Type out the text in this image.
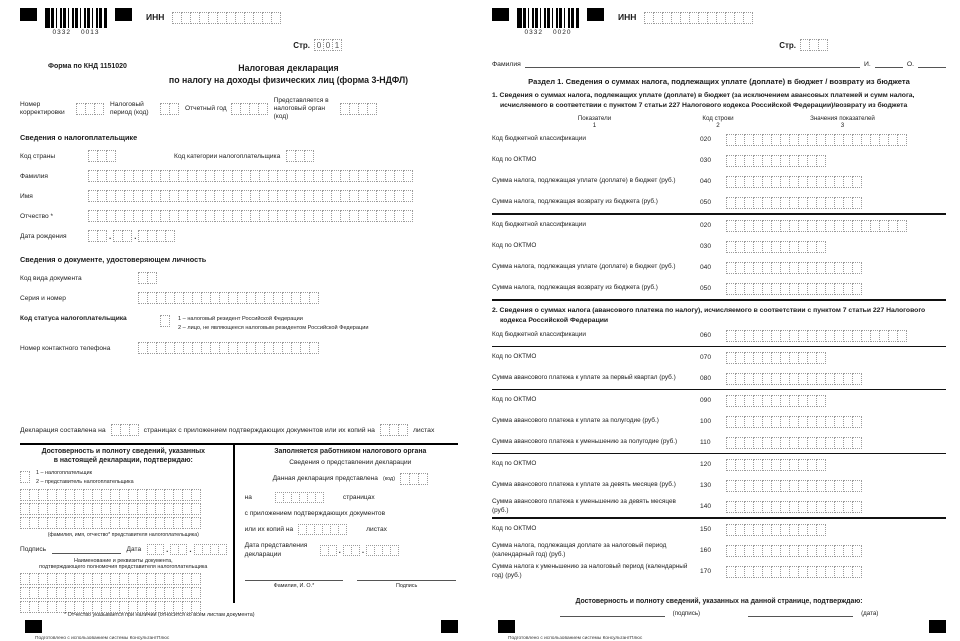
0332 0013
ИНН
Стр. 0 0 1
Форма по КНД 1151020	Налоговая декларация
по налогу на доходы физических лиц (форма 3-НДФЛ)
Номер корректировки
Налоговый период (код)
Отчетный год
Представляется в налоговый орган (код)
Сведения о налогоплательщике
Код страны	Код категории налогоплательщика
Фамилия
Имя
Отчество *
Дата рождения	.	.
Сведения о документе, удостоверяющем личность
Код вида документа
Серия и номер
Код статуса налогоплательщика	1 – налоговый резидент Российской Федерации
2 – лицо, не являющееся налоговым резидентом Российской Федерации
Номер контактного телефона
Декларация составлена на	страницах с приложением подтверждающих документов или их копий на	листах
Достоверность и полноту сведений, указанных
в настоящей декларации, подтверждаю:
1 – налогоплательщик
2 – представитель налогоплательщика
(фамилия, имя, отчество* представителя налогоплательщика)
Подпись	Дата	.	.
Наименование и реквизиты документа,
подтверждающего полномочия представителя налогоплательщика
Заполняется работником налогового органа
Сведения о представлении декларации
Данная декларация представлена (код)
на	страницах
с приложением подтверждающих документов
или их копий на	листах
Дата представления
декларации	.	.
Фамилия, И. О.*	Подпись
* Отчество указывается при наличии (относится ко всем листам документа)
Подготовлено с использованием системы КонсультантПлюс
0332 0020
ИНН
Стр.
Фамилия	И.	О.
Раздел 1. Сведения о суммах налога, подлежащих уплате (доплате) в бюджет / возврату из бюджета
1. Сведения о суммах налога, подлежащих уплате (доплате) в бюджет (за исключением авансовых платежей и сумм налога, исчисляемого в соответствии с пунктом 7 статьи 227 Налогового кодекса Российской Федерации)/возврату из бюджета
Показатели
1
Код строки
2
Значения показателей
3
Код бюджетной классификации	020
Код по ОКТМО	030
Сумма налога, подлежащая уплате (доплате) в бюджет (руб.)	040
Сумма налога, подлежащая возврату из бюджета (руб.)	050
Код бюджетной классификации	020
Код по ОКТМО	030
Сумма налога, подлежащая уплате (доплате) в бюджет (руб.)	040
Сумма налога, подлежащая возврату из бюджета (руб.)	050
2. Сведения о суммах налога (авансового платежа по налогу), исчисляемого в соответствии с пунктом 7 статьи 227 Налогового кодекса Российской Федерации
Код бюджетной классификации	060
Код по ОКТМО	070
Сумма авансового платежа к уплате за первый квартал (руб.)	080
Код по ОКТМО	090
Сумма авансового платежа к уплате за полугодие (руб.)	100
Сумма авансового платежа к уменьшению за полугодие (руб.)	110
Код по ОКТМО	120
Сумма авансового платежа к уплате за девять месяцев (руб.)	130
Сумма авансового платежа к уменьшению за девять месяцев (руб.)	140
Код по ОКТМО	150
Сумма налога, подлежащая доплате за налоговый период (календарный год) (руб.)	160
Сумма налога к уменьшению за налоговый период (календарный год) (руб.)	170
Достоверность и полноту сведений, указанных на данной странице, подтверждаю:
(подпись)	(дата)
Подготовлено с использованием системы КонсультантПлюс
